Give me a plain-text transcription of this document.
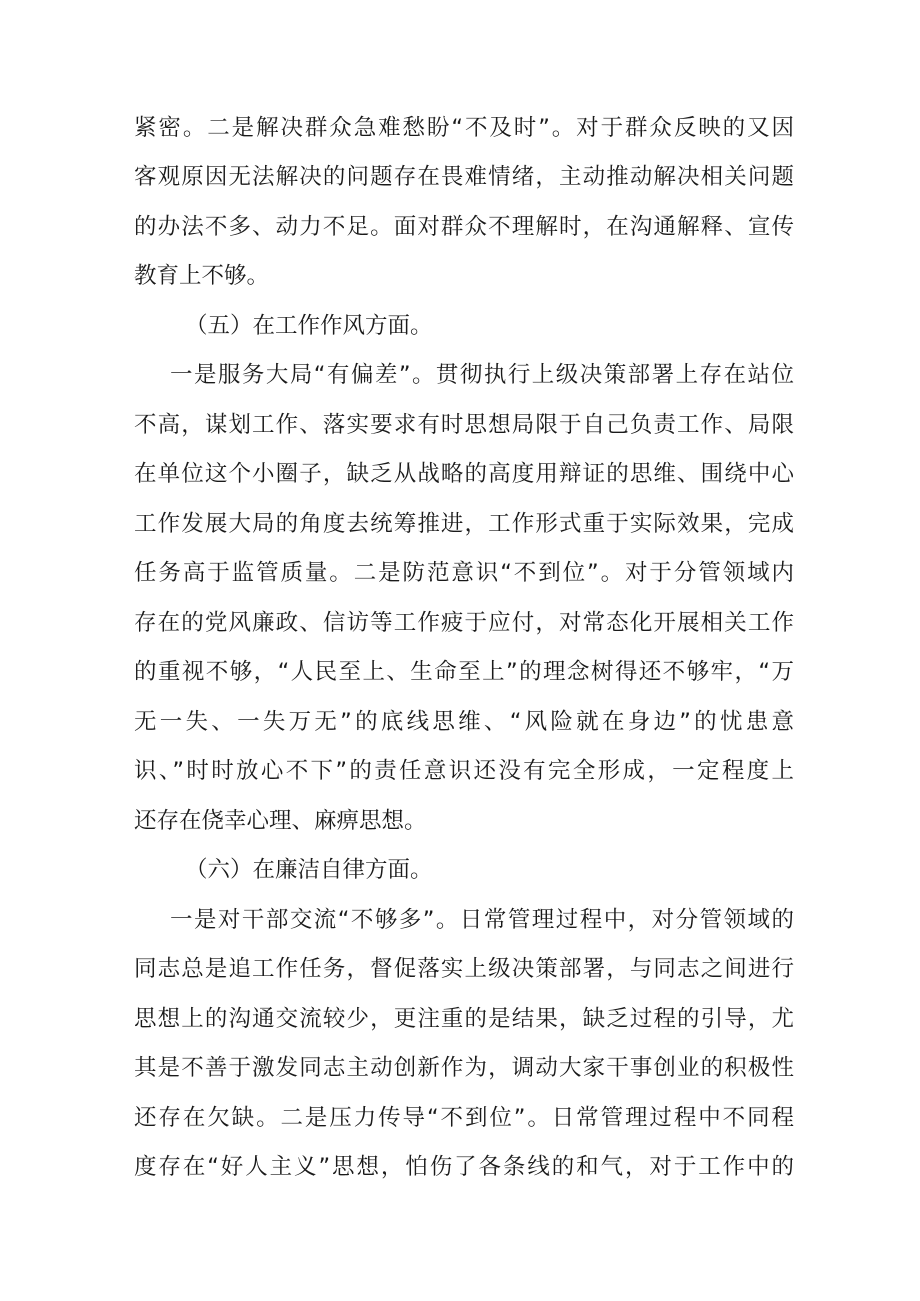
紧密。二是解决群众急难愁盼“不及时”。对于群众反映的又因
客观原因无法解决的问题存在畏难情绪，主动推动解决相关问题
的办法不多、动力不足。面对群众不理解时，在沟通解释、宣传
教育上不够。
（五）在工作作风方面。
一是服务大局“有偏差”。贯彻执行上级决策部署上存在站位
不高，谋划工作、落实要求有时思想局限于自己负责工作、局限
在单位这个小圈子，缺乏从战略的高度用辩证的思维、围绕中心
工作发展大局的角度去统筹推进，工作形式重于实际效果，完成
任务高于监管质量。二是防范意识“不到位”。对于分管领域内
存在的党风廉政、信访等工作疲于应付，对常态化开展相关工作
的重视不够，“人民至上、生命至上”的理念树得还不够牢，“万
无一失、一失万无”的底线思维、“风险就在身边”的忧患意
识、”时时放心不下”的责任意识还没有完全形成，一定程度上
还存在侥幸心理、麻痹思想。
（六）在廉洁自律方面。
一是对干部交流“不够多”。日常管理过程中，对分管领域的
同志总是追工作任务，督促落实上级决策部署，与同志之间进行
思想上的沟通交流较少，更注重的是结果，缺乏过程的引导，尤
其是不善于激发同志主动创新作为，调动大家干事创业的积极性
还存在欠缺。二是压力传导“不到位”。日常管理过程中不同程
度存在“好人主义”思想，怕伤了各条线的和气，对于工作中的
